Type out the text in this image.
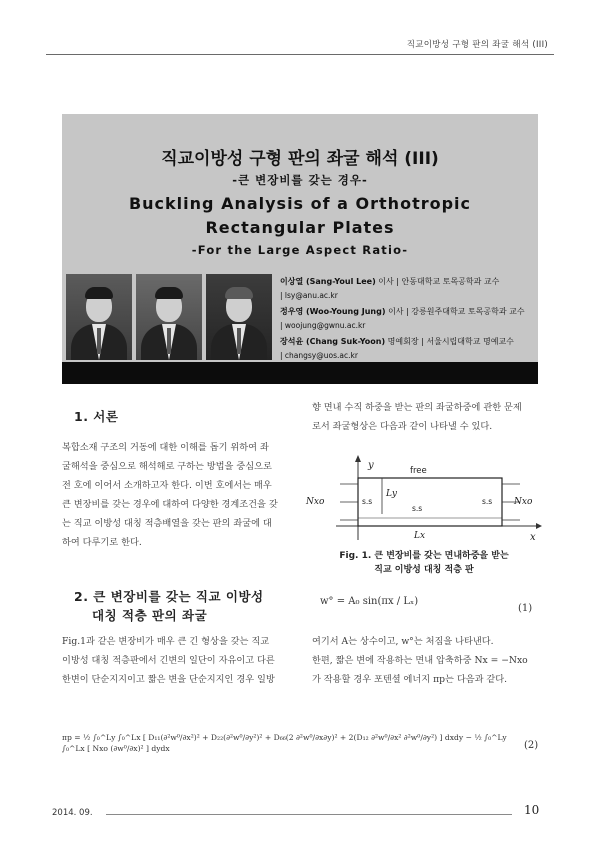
직교이방성 구형 판의 좌굴 해석 (III)
직교이방성 구형 판의 좌굴 해석 (III)
-큰 변장비를 갖는 경우-
Buckling Analysis of a Orthotropic
Rectangular Plates
-For the Large Aspect Ratio-
이상열 (Sang-Youl Lee) 이사 | 안동대학교 토목공학과 교수
| lsy@anu.ac.kr
정우영 (Woo-Young Jung) 이사 | 강릉원주대학교 토목공학과 교수
| woojung@gwnu.ac.kr
장석윤 (Chang Suk-Yoon) 명예회장 | 서울시립대학교 명예교수
| changsy@uos.ac.kr
1. 서론
복합소재 구조의 거동에 대한 이해를 돕기 위하여 좌
굴해석을 중심으로 해석해로 구하는 방법을 중심으로
전 호에 이어서 소개하고자 한다. 이번 호에서는 매우
큰 변장비를 갖는 경우에 대하여 다양한 경계조건을 갖
는 직교 이방성 대칭 적층배열을 갖는 판의 좌굴에 대
하여 다루기로 한다.
2. 큰 변장비를 갖는 직교 이방성
대칭 적층 판의 좌굴
Fig.1과 같은 변장비가 매우 큰 긴 형상을 갖는 직교
이방성 대칭 적층판에서 긴변의 일단이 자유이고 다른
한변이 단순지지이고 짧은 변을 단순지지인 경우 일방
향 면내 수직 하중을 받는 판의 좌굴하중에 관한 문제
로서 좌굴형상은 다음과 같이 나타낼 수 있다.
y
x
free
Ly
Lx
s.s
s.s
s.s
Nxo	Nxo
Fig. 1. 큰 변장비를 갖는 면내하중을 받는
직교 이방성 대칭 적층 판
w° = A₀ sin(πx / Lₓ)
(1)
여기서 A는 상수이고, w°는 처짐을 나타낸다.
한편, 짧은 변에 작용하는 면내 압축하중 Nx = −Nxo
가 작용할 경우 포텐셜 에너지 πp는 다음과 같다.
πp = ½ ∫₀^Ly ∫₀^Lx [ D₁₁(∂²w⁰/∂x²)² + D₂₂(∂²w⁰/∂y²)² + D₆₆(2 ∂²w⁰/∂x∂y)² + 2(D₁₂ ∂²w⁰/∂x² ∂²w⁰/∂y²) ] dxdy − ½ ∫₀^Ly ∫₀^Lx [ Nxo (∂w⁰/∂x)² ] dydx	(2)
2014. 09.	10
